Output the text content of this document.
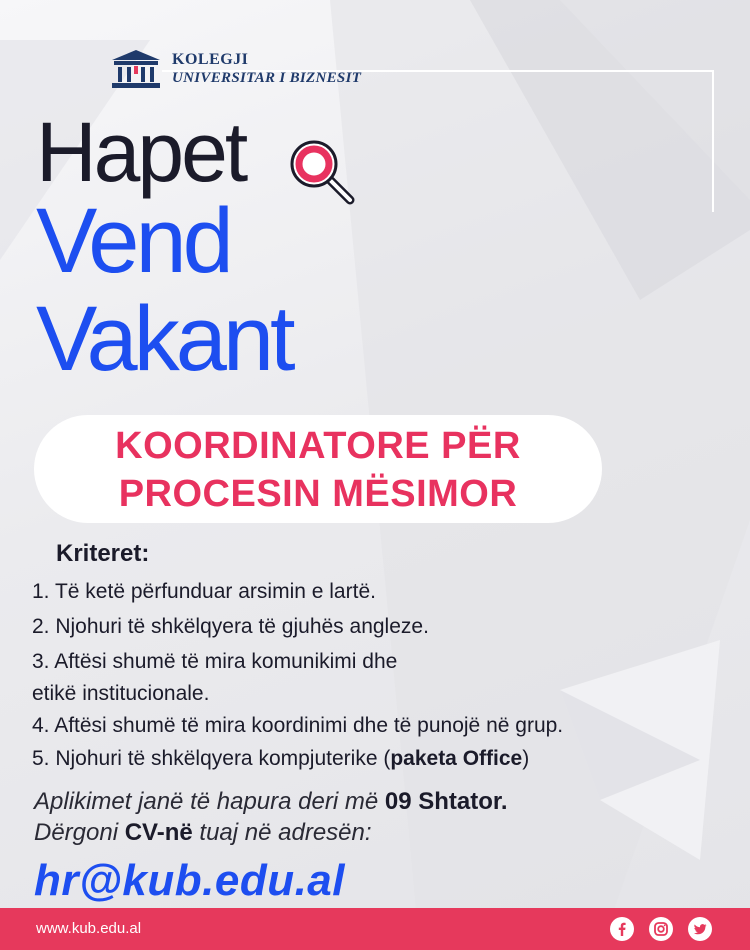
KOLEGJI
UNIVERSITAR I BIZNESIT
Hapet
Vend
Vakant
KOORDINATORE PËR
PROCESIN MËSIMOR
Kriteret:
1. Të ketë përfunduar arsimin e lartë.
2. Njohuri të shkëlqyera të gjuhës angleze.
3. Aftësi shumë të mira komunikimi dhe
etikë institucionale.
4. Aftësi shumë të mira koordinimi dhe të punojë në grup.
5. Njohuri të shkëlqyera kompjuterike (paketa Office)
Aplikimet janë të hapura deri më 09 Shtator.
Dërgoni CV-në tuaj në adresën:
hr@kub.edu.al
www.kub.edu.al
